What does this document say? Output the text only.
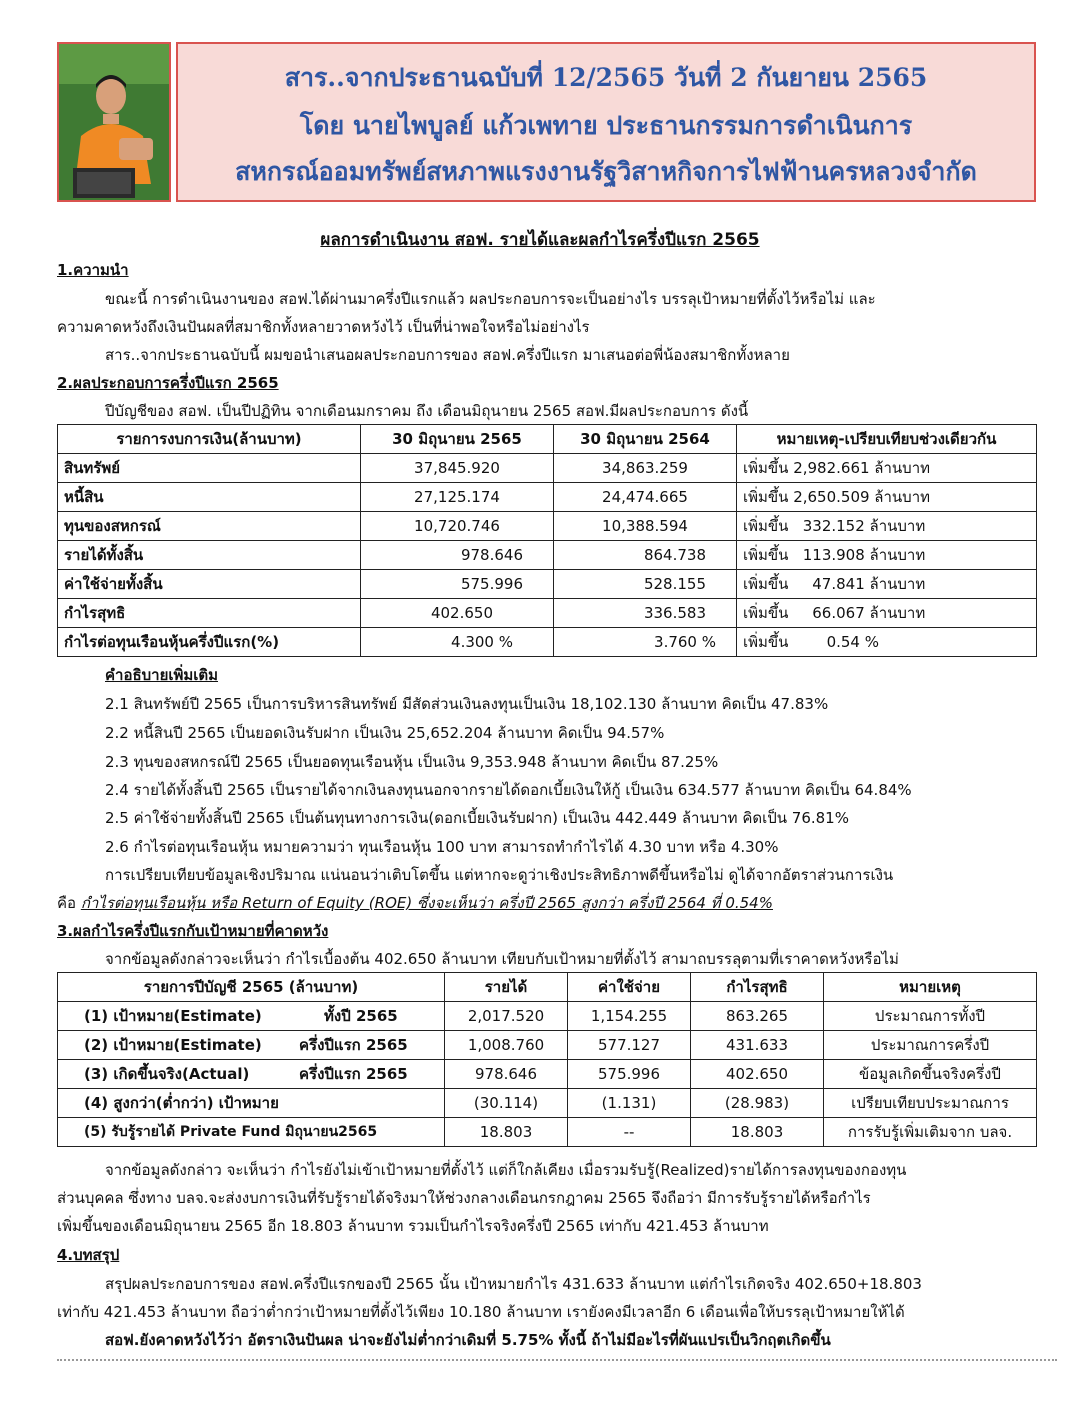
สาร..จากประธานฉบับที่ 12/2565 วันที่ 2 กันยายน 2565
โดย นายไพบูลย์ แก้วเพทาย ประธานกรรมการดำเนินการ
สหกรณ์ออมทรัพย์สหภาพแรงงานรัฐวิสาหกิจการไฟฟ้านครหลวงจำกัด
ผลการดำเนินงาน สอฟ. รายได้และผลกำไรครึ่งปีแรก 2565
1.ความนำ
ขณะนี้ การดำเนินงานของ สอฟ.ได้ผ่านมาครึ่งปีแรกแล้ว ผลประกอบการจะเป็นอย่างไร บรรลุเป้าหมายที่ตั้งไว้หรือไม่ และ
ความคาดหวังถึงเงินปันผลที่สมาชิกทั้งหลายวาดหวังไว้ เป็นที่น่าพอใจหรือไม่อย่างไร
สาร..จากประธานฉบับนี้ ผมขอนำเสนอผลประกอบการของ สอฟ.ครึ่งปีแรก มาเสนอต่อพี่น้องสมาชิกทั้งหลาย
2.ผลประกอบการครึ่งปีแรก 2565
ปีบัญชีของ สอฟ. เป็นปีปฏิทิน จากเดือนมกราคม ถึง เดือนมิถุนายน 2565 สอฟ.มีผลประกอบการ ดังนี้
รายการงบการเงิน(ล้านบาท)	30 มิถุนายน 2565	30 มิถุนายน 2564	หมายเหตุ-เปรียบเทียบช่วงเดียวกัน
สินทรัพย์	37,845.920	34,863.259	เพิ่มขึ้น 2,982.661 ล้านบาท
หนี้สิน	27,125.174	24,474.665	เพิ่มขึ้น 2,650.509 ล้านบาท
ทุนของสหกรณ์	10,720.746	10,388.594	เพิ่มขึ้น 332.152 ล้านบาท
รายได้ทั้งสิ้น	978.646	864.738	เพิ่มขึ้น 113.908 ล้านบาท
ค่าใช้จ่ายทั้งสิ้น	575.996	528.155	เพิ่มขึ้น 47.841 ล้านบาท
กำไรสุทธิ	402.650	336.583	เพิ่มขึ้น 66.067 ล้านบาท
กำไรต่อทุนเรือนหุ้นครึ่งปีแรก(%)	4.300 %	3.760 %	เพิ่มขึ้น 0.54 %
คำอธิบายเพิ่มเติม
2.1 สินทรัพย์ปี 2565 เป็นการบริหารสินทรัพย์ มีสัดส่วนเงินลงทุนเป็นเงิน 18,102.130 ล้านบาท คิดเป็น 47.83%
2.2 หนี้สินปี 2565 เป็นยอดเงินรับฝาก เป็นเงิน 25,652.204 ล้านบาท คิดเป็น 94.57%
2.3 ทุนของสหกรณ์ปี 2565 เป็นยอดทุนเรือนหุ้น เป็นเงิน 9,353.948 ล้านบาท คิดเป็น 87.25%
2.4 รายได้ทั้งสิ้นปี 2565 เป็นรายได้จากเงินลงทุนนอกจากรายได้ดอกเบี้ยเงินให้กู้ เป็นเงิน 634.577 ล้านบาท คิดเป็น 64.84%
2.5 ค่าใช้จ่ายทั้งสิ้นปี 2565 เป็นต้นทุนทางการเงิน(ดอกเบี้ยเงินรับฝาก) เป็นเงิน 442.449 ล้านบาท คิดเป็น 76.81%
2.6 กำไรต่อทุนเรือนหุ้น หมายความว่า ทุนเรือนหุ้น 100 บาท สามารถทำกำไรได้ 4.30 บาท หรือ 4.30%
การเปรียบเทียบข้อมูลเชิงปริมาณ แน่นอนว่าเติบโตขึ้น แต่หากจะดูว่าเชิงประสิทธิภาพดีขึ้นหรือไม่ ดูได้จากอัตราส่วนการเงิน
คือ กำไรต่อทุนเรือนหุ้น หรือ Return of Equity (ROE) ซึ่งจะเห็นว่า ครึ่งปี 2565 สูงกว่า ครึ่งปี 2564 ที่ 0.54%
3.ผลกำไรครึ่งปีแรกกับเป้าหมายที่คาดหวัง
จากข้อมูลดังกล่าวจะเห็นว่า กำไรเบื้องต้น 402.650 ล้านบาท เทียบกับเป้าหมายที่ตั้งไว้ สามาถบรรลุตามที่เราคาดหวังหรือไม่
รายการปีบัญชี 2565 (ล้านบาท)	รายได้	ค่าใช้จ่าย	กำไรสุทธิ	หมายเหตุ
(1) เป้าหมาย(Estimate) ทั้งปี 2565	2,017.520	1,154.255	863.265	ประมาณการทั้งปี
(2) เป้าหมาย(Estimate) ครึ่งปีแรก 2565	1,008.760	577.127	431.633	ประมาณการครึ่งปี
(3) เกิดขึ้นจริง(Actual) ครึ่งปีแรก 2565	978.646	575.996	402.650	ข้อมูลเกิดขึ้นจริงครึ่งปี
(4) สูงกว่า(ต่ำกว่า) เป้าหมาย	(30.114)	(1.131)	(28.983)	เปรียบเทียบประมาณการ
(5) รับรู้รายได้ Private Fund มิถุนายน2565	18.803	--	18.803	การรับรู้เพิ่มเติมจาก บลจ.
จากข้อมูลดังกล่าว จะเห็นว่า กำไรยังไม่เข้าเป้าหมายที่ตั้งไว้ แต่ก็ใกล้เคียง เมื่อรวมรับรู้(Realized)รายได้การลงทุนของกองทุน
ส่วนบุคคล ซึ่งทาง บลจ.จะส่งงบการเงินที่รับรู้รายได้จริงมาให้ช่วงกลางเดือนกรกฎาคม 2565 จึงถือว่า มีการรับรู้รายได้หรือกำไร
เพิ่มขึ้นของเดือนมิถุนายน 2565 อีก 18.803 ล้านบาท รวมเป็นกำไรจริงครึ่งปี 2565 เท่ากับ 421.453 ล้านบาท
4.บทสรุป
สรุปผลประกอบการของ สอฟ.ครึ่งปีแรกของปี 2565 นั้น เป้าหมายกำไร 431.633 ล้านบาท แต่กำไรเกิดจริง 402.650+18.803
เท่ากับ 421.453 ล้านบาท ถือว่าต่ำกว่าเป้าหมายที่ตั้งไว้เพียง 10.180 ล้านบาท เรายังคงมีเวลาอีก 6 เดือนเพื่อให้บรรลุเป้าหมายให้ได้
สอฟ.ยังคาดหวังไว้ว่า อัตราเงินปันผล น่าจะยังไม่ต่ำกว่าเดิมที่ 5.75% ทั้งนี้ ถ้าไม่มีอะไรที่ผันแปรเป็นวิกฤตเกิดขึ้น
